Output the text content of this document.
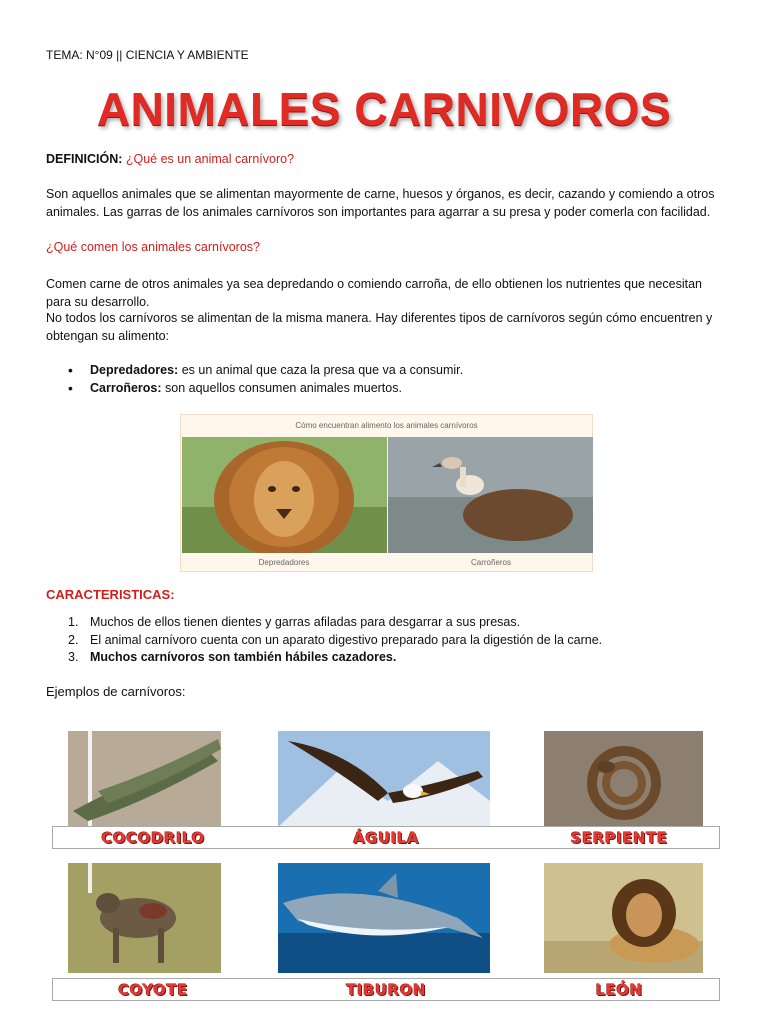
TEMA: N°09 || CIENCIA Y AMBIENTE
ANIMALES CARNIVOROS
DEFINICIÓN: ¿Qué es un animal carnívoro?
Son aquellos animales que se alimentan mayormente de carne, huesos y órganos, es decir, cazando y comiendo a otros animales. Las garras de los animales carnívoros son importantes para agarrar a su presa y poder comerla con facilidad.
¿Qué comen los animales carnívoros?
Comen carne de otros animales ya sea depredando o comiendo carroña, de ello obtienen los nutrientes que necesitan para su desarrollo.
No todos los carnívoros se alimentan de la misma manera. Hay diferentes tipos de carnívoros según cómo encuentren y obtengan su alimento:
• Depredadores: es un animal que caza la presa que va a consumir.
• Carroñeros: son aquellos consumen animales muertos.
Cómo encuentran alimento los animales carnívoros
Depredadores	Carroñeros
CARACTERISTICAS:
1. Muchos de ellos tienen dientes y garras afiladas para desgarrar a sus presas.
2. El animal carnívoro cuenta con un aparato digestivo preparado para la digestión de la carne.
3. Muchos carnívoros son también hábiles cazadores.
Ejemplos de carnívoros:
COCODRILO	ÁGUILA	SERPIENTE
COYOTE	TIBURON	LEÓN
